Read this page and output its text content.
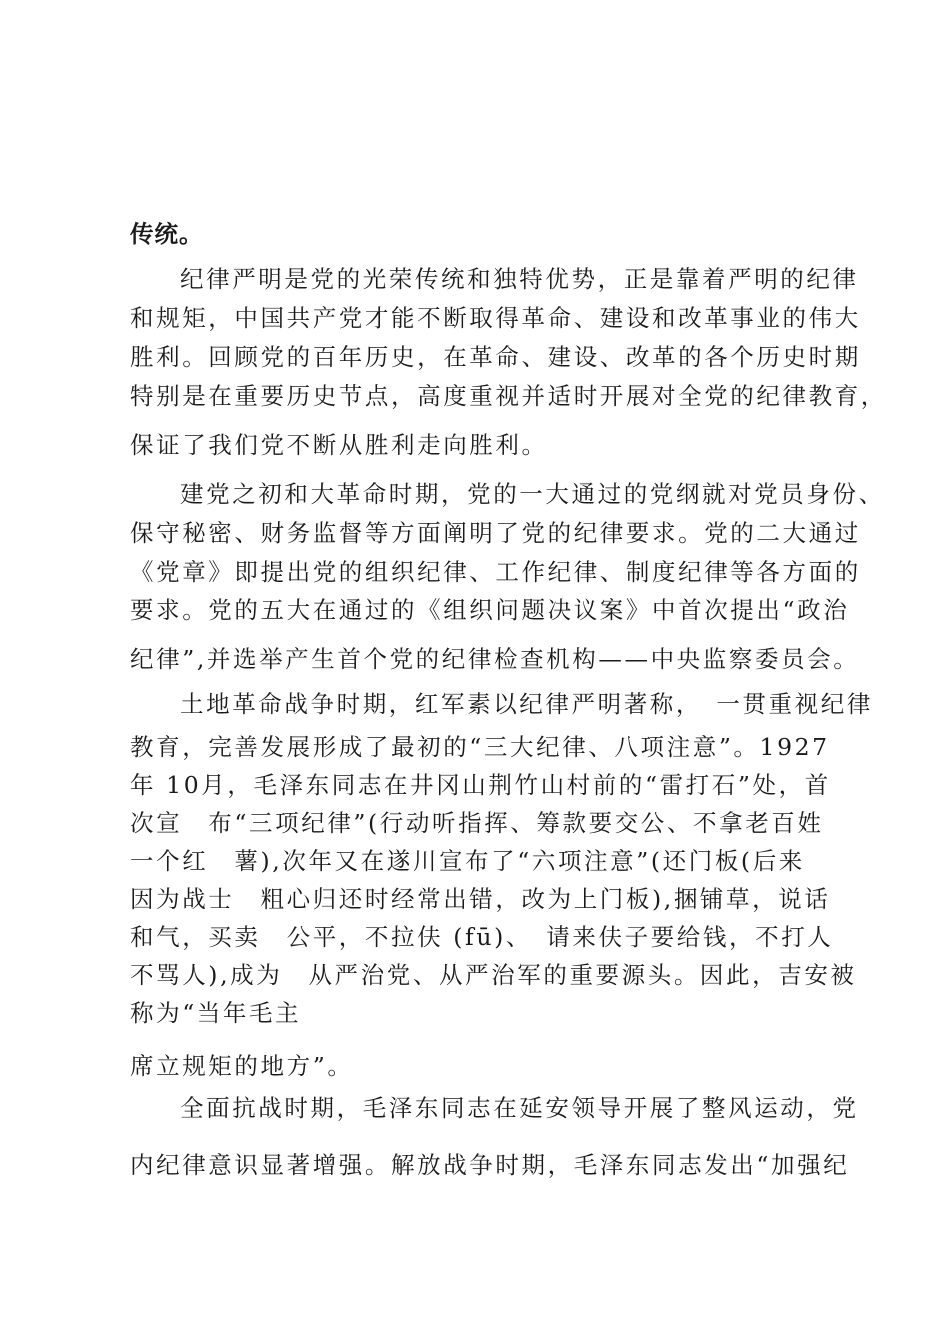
传统。
纪律严明是党的光荣传统和独特优势，正是靠着严明的纪律
和规矩，中国共产党才能不断取得革命、建设和改革事业的伟大
胜利。回顾党的百年历史，在革命、建设、改革的各个历史时期
特别是在重要历史节点，高度重视并适时开展对全党的纪律教育，
保证了我们党不断从胜利走向胜利。
建党之初和大革命时期，党的一大通过的党纲就对党员身份、
保守秘密、财务监督等方面阐明了党的纪律要求。党的二大通过
《党章》即提出党的组织纪律、工作纪律、制度纪律等各方面的
要求。党的五大在通过的《组织问题决议案》中首次提出“政治
纪律”,并选举产生首个党的纪律检查机构——中央监察委员会。
土地革命战争时期，红军素以纪律严明著称，　一贯重视纪律
教育，完善发展形成了最初的“三大纪律、八项注意”。1927
年 10月，毛泽东同志在井冈山荆竹山村前的“雷打石”处，首
次宣　布“三项纪律”(行动听指挥、筹款要交公、不拿老百姓
一个红　薯),次年又在遂川宣布了“六项注意”(还门板(后来
因为战士　粗心归还时经常出错，改为上门板),捆铺草，说话
和气，买卖　公平，不拉伕 (fū)、　请来伕子要给钱，不打人
不骂人),成为　从严治党、从严治军的重要源头。因此，吉安被
称为“当年毛主
席立规矩的地方”。
全面抗战时期，毛泽东同志在延安领导开展了整风运动，党
内纪律意识显著增强。解放战争时期，毛泽东同志发出“加强纪
